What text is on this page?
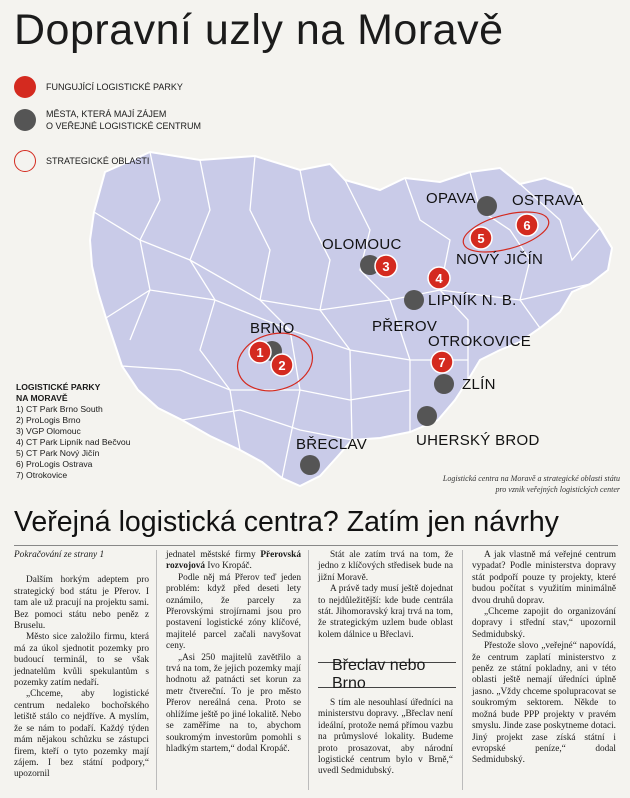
Dopravní uzly na Moravě
1
2
3
4
5
6
7
BRNO
OLOMOUC
OPAVA OSTRAVA
NOVÝ JIČÍN
LIPNÍK N. B.
PŘEROV
OTROKOVICE
ZLÍN
UHERSKÝ BROD
BŘECLAV
FUNGUJÍCÍ LOGISTICKÉ PARKY
MĚSTA, KTERÁ MAJÍ ZÁJEM
O VEŘEJNÉ LOGISTICKÉ CENTRUM
STRATEGICKÉ OBLASTI
LOGISTICKÉ PARKY
NA MORAVĚ
1) CT Park Brno South
2) ProLogis Brno
3) VGP Olomouc
4) CT Park Lipník nad Bečvou
5) CT Park Nový Jičín
6) ProLogis Ostrava
7) Otrokovice	Logistická centra na Moravě a strategické oblasti státu
pro vznik veřejných logistických center
Veřejná logistická centra? Zatím jen návrhy

Pokračování ze strany 1

Dalším horkým adeptem pro strategický bod státu je Přerov. I tam ale už pracují na projektu sami. Bez pomoci státu nebo peněz z Bruselu.

Město sice založilo firmu, která má za úkol sjednotit pozemky pro budoucí terminál, to se však jednatelům kvůli spekulantům s pozemky zatím nedaří.

„Chceme, aby logistické centrum nedaleko bochořského letiště stálo co nejdříve. A myslím, že se nám to podaří. Každý týden mám nějakou schůzku se zástupci firem, kteří o tyto pozemky mají zájem. I bez státní podpory,“ upozornil

jednatel městské firmy Přerovská rozvojová Ivo Kropáč.

Podle něj má Přerov teď jeden problém: když před deseti lety oznámilo, že parcely za Přerovskými strojírnami jsou pro postavení logistické zóny klíčové, majitelé parcel začali navyšovat ceny.

„Asi 250 majitelů zavětřilo a trvá na tom, že jejich pozemky mají hodnotu až patnácti set korun za metr čtvereční. To je pro město Přerov nereálná cena. Proto se ohlížíme ještě po jiné lokalitě. Nebo se zaměříme na to, abychom soukromým investorům pomohli s hladkým startem,“ dodal Kropáč.

Stát ale zatím trvá na tom, že jedno z klíčových středisek bude na jižní Moravě.

A právě tady musí ještě dojednat to nejdůležitější: kde bude centrála stát. Jihomoravský kraj trvá na tom, že strategickým uzlem bude oblast kolem dálnice u Břeclavi.

Břeclav nebo Brno

S tím ale nesouhlasí úředníci na ministerstvu dopravy. „Břeclav není ideální, protože nemá přímou vazbu na průmyslové lokality. Budeme proto prosazovat, aby národní logistické centrum bylo v Brně,“ uvedl Sedmidubský.

A jak vlastně má veřejné centrum vypadat? Podle ministerstva dopravy stát podpoří pouze ty projekty, které budou počítat s využitím minimálně dvou druhů doprav.

„Chceme zapojit do organizování dopravy i střední stav,“ upozornil Sedmidubský.

Přestože slovo „veřejné“ napovídá, že centrum zaplatí ministerstvo z peněz ze státní pokladny, ani v této oblasti ještě nemají úředníci úplně jasno. „Vždy chceme spolupracovat se soukromým sektorem. Někde to možná bude PPP projekty v pravém smyslu. Jinde zase poskytneme dotaci. Jiný projekt zase získá státní i evropské peníze,“ dodal Sedmidubský.
